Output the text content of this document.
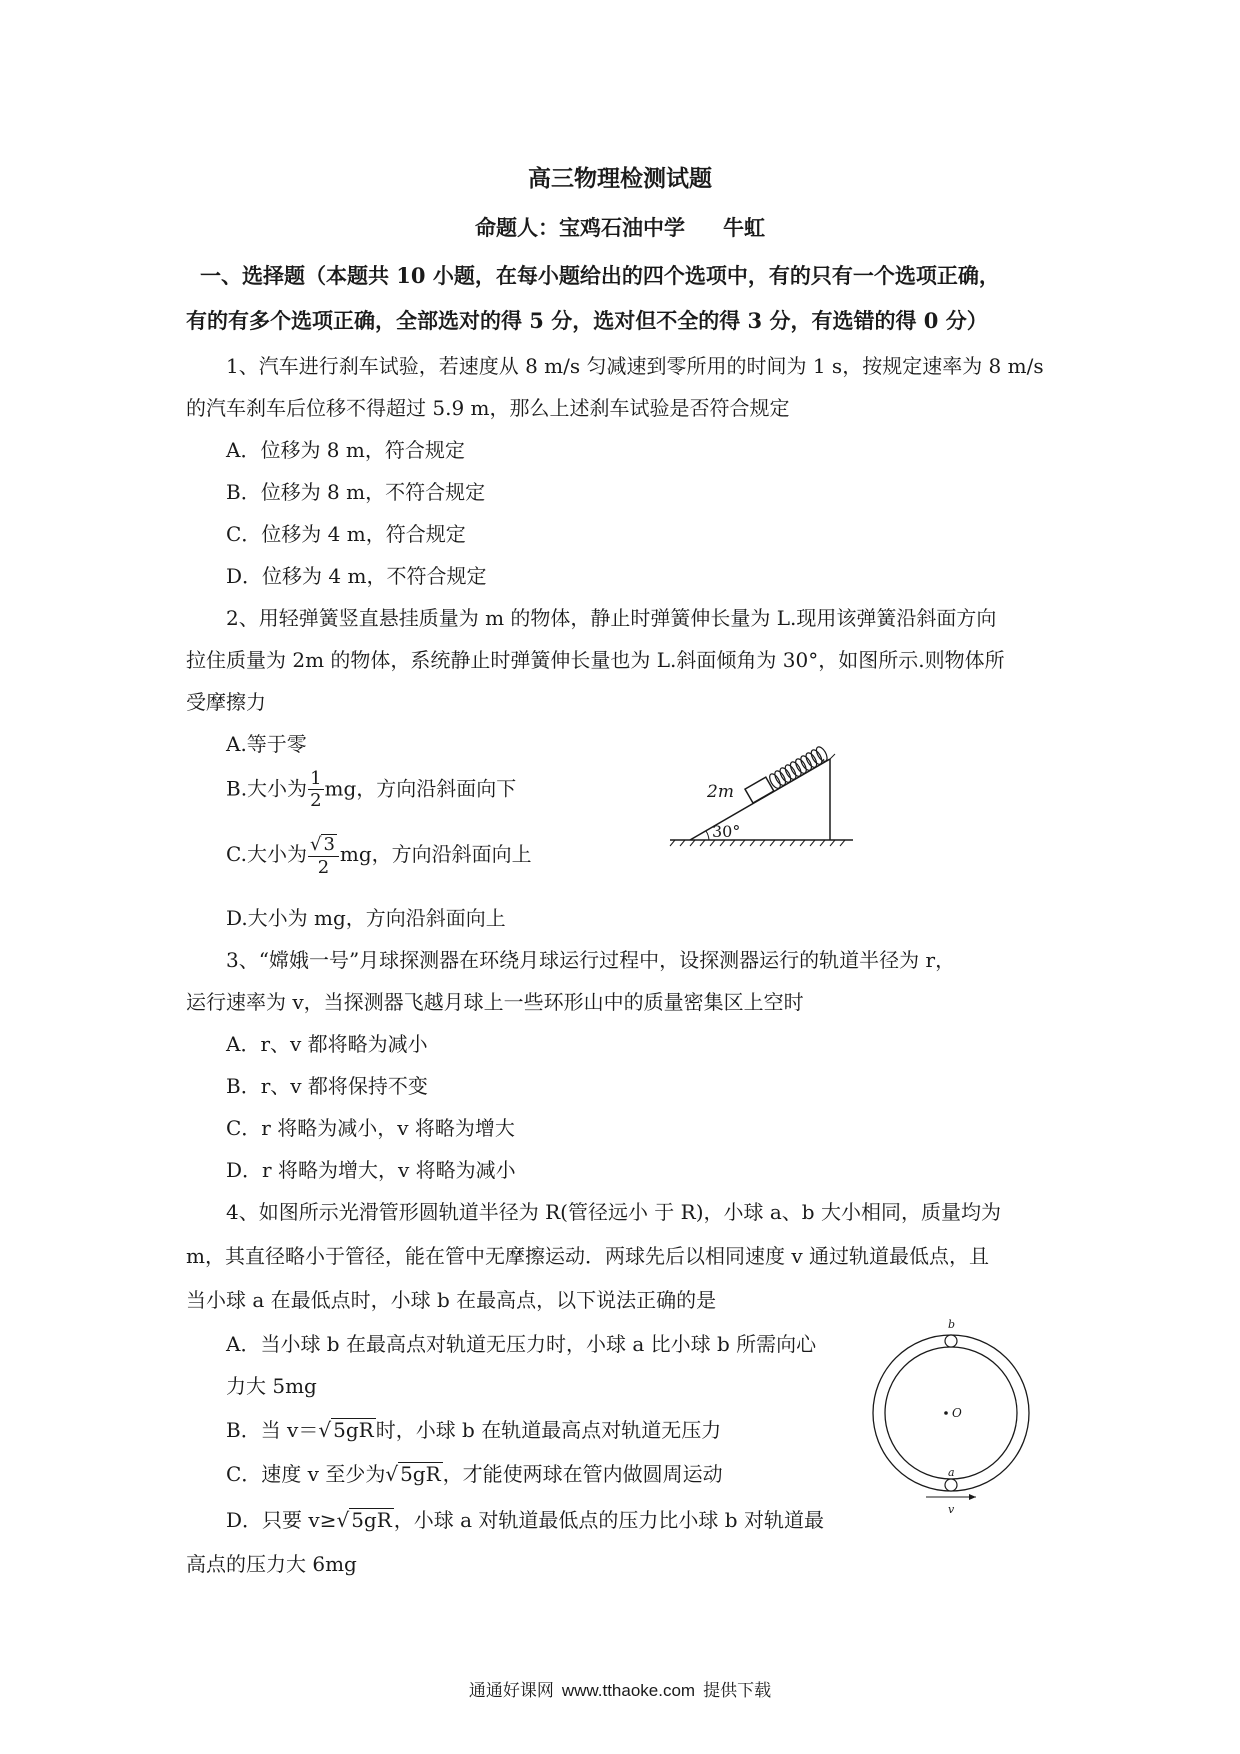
高三物理检测试题
命题人：宝鸡石油中学 牛虹
一、选择题（本题共 10 小题，在每小题给出的四个选项中，有的只有一个选项正确，
有的有多个选项正确，全部选对的得 5 分，选对但不全的得 3 分，有选错的得 0 分）
1、汽车进行刹车试验，若速度从 8 m/s 匀减速到零所用的时间为 1 s，按规定速率为 8 m/s
的汽车刹车后位移不得超过 5.9 m，那么上述刹车试验是否符合规定
A．位移为 8 m，符合规定
B．位移为 8 m，不符合规定
C．位移为 4 m，符合规定
D．位移为 4 m，不符合规定
2、用轻弹簧竖直悬挂质量为 m 的物体，静止时弹簧伸长量为 L.现用该弹簧沿斜面方向
拉住质量为 2m 的物体，系统静止时弹簧伸长量也为 L.斜面倾角为 30°，如图所示.则物体所
受摩擦力
A.等于零
B.大小为 $\frac{1}{2}$ mg，方向沿斜面向下
C.大小为 $\frac{√ 3}{2}$ mg，方向沿斜面向上
D.大小为 mg，方向沿斜面向上
30°
2m
3、“嫦娥一号”月球探测器在环绕月球运行过程中，设探测器运行的轨道半径为 r，
运行速率为 v，当探测器飞越月球上一些环形山中的质量密集区上空时
A．r、v 都将略为减小
B．r、v 都将保持不变
C．r 将略为减小，v 将略为增大
D．r 将略为增大，v 将略为减小
4、如图所示光滑管形圆轨道半径为 R(管径远小 于 R)，小球 a、b 大小相同，质量均为
m，其直径略小于管径，能在管中无摩擦运动．两球先后以相同速度 v 通过轨道最低点，且
当小球 a 在最低点时，小球 b 在最高点，以下说法正确的是
A．当小球 b 在最高点对轨道无压力时，小球 a 比小球 b 所需向心
力大 5mg
B．当 v＝√ 5gR 时，小球 b 在轨道最高点对轨道无压力
C．速度 v 至少为√ 5gR ，才能使两球在管内做圆周运动
D．只要 v≥√ 5gR ，小球 a 对轨道最低点的压力比小球 b 对轨道最
高点的压力大 6mg
O
b
a
v
通通好课网 www.tthaoke.com 提供下载
